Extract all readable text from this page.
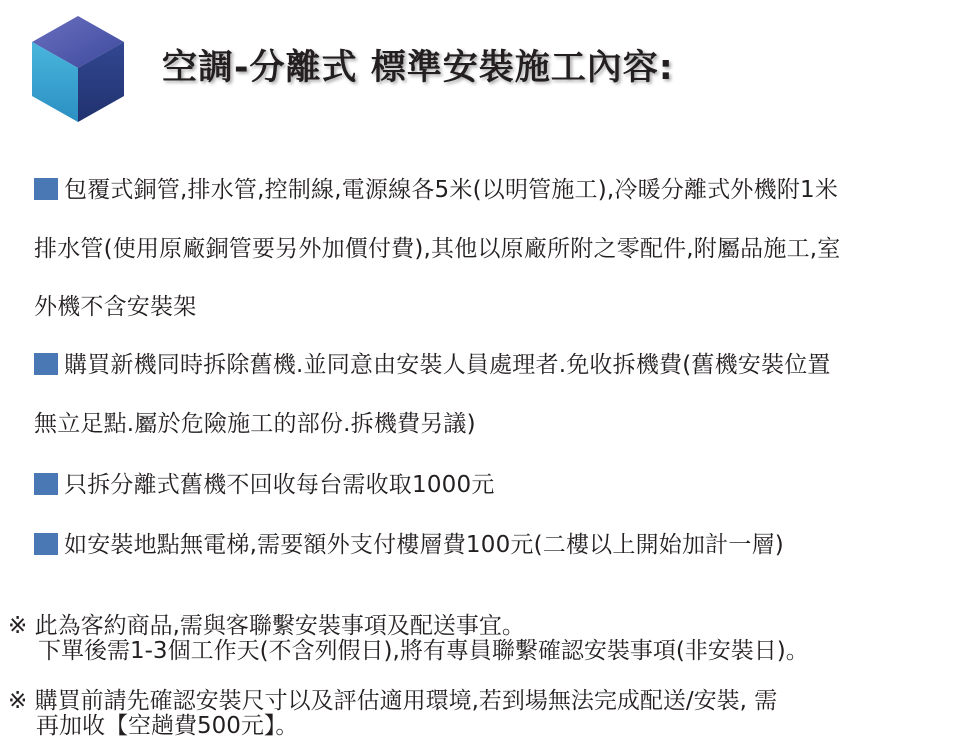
空調-分離式 標準安裝施工內容:
包覆式銅管,排水管,控制線,電源線各5米(以明管施工),冷暖分離式外機附1米
排水管(使用原廠銅管要另外加價付費),其他以原廠所附之零配件,附屬品施工,室
外機不含安裝架
購買新機同時拆除舊機.並同意由安裝人員處理者.免收拆機費(舊機安裝位置
無立足點.屬於危險施工的部份.拆機費另議)
只拆分離式舊機不回收每台需收取1000元
如安裝地點無電梯,需要額外支付樓層費100元(二樓以上開始加計一層)
※ 此為客約商品,需與客聯繫安裝事項及配送事宜。
下單後需1-3個工作天(不含列假日),將有專員聯繫確認安裝事項(非安裝日)。
※ 購買前請先確認安裝尺寸以及評估適用環境,若到場無法完成配送/安裝, 需
再加收【空趟費500元】。
